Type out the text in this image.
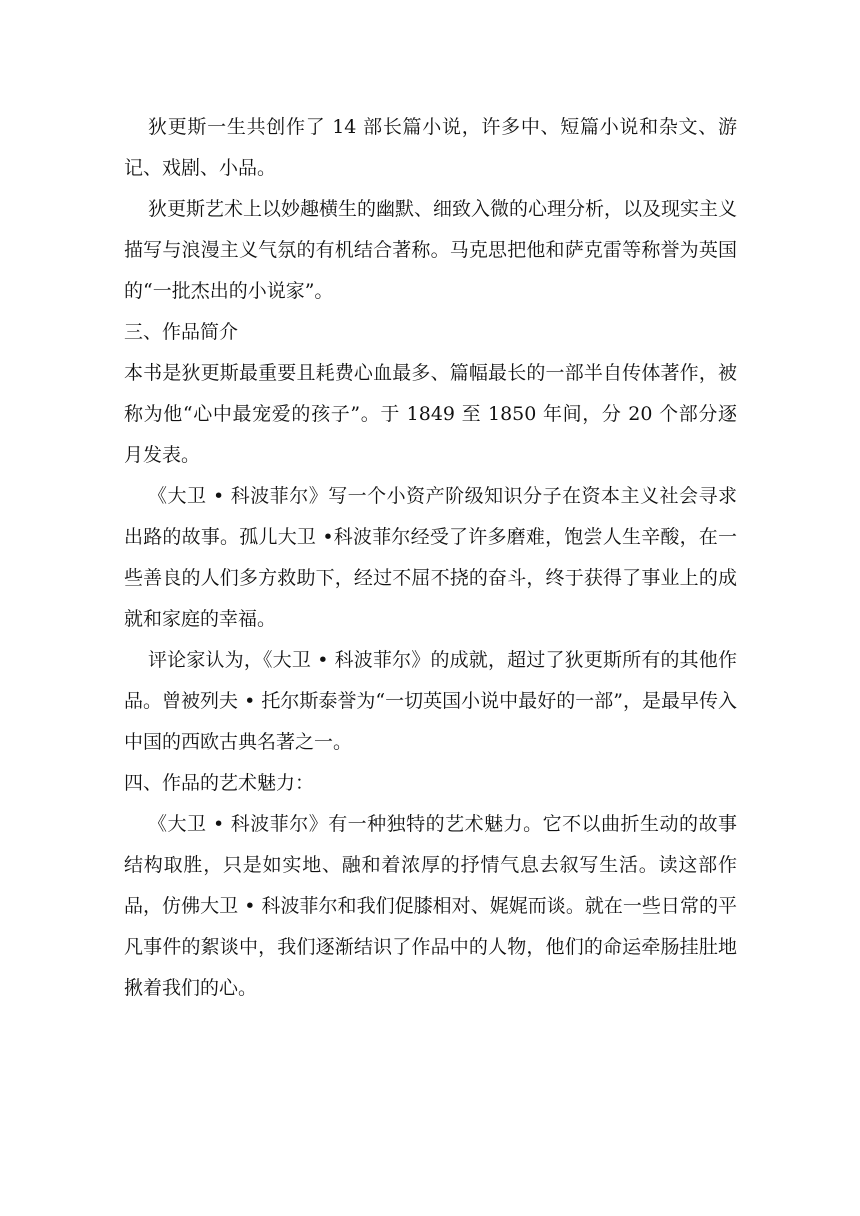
狄更斯一生共创作了 14 部长篇小说，许多中、短篇小说和杂文、游记、戏剧、小品。

狄更斯艺术上以妙趣横生的幽默、细致入微的心理分析，以及现实主义描写与浪漫主义气氛的有机结合著称。马克思把他和萨克雷等称誉为英国的“一批杰出的小说家”。

三、作品简介

本书是狄更斯最重要且耗费心血最多、篇幅最长的一部半自传体著作，被称为他“心中最宠爱的孩子”。于 1849 至 1850 年间，分 20 个部分逐月发表。

《大卫 • 科波菲尔》写一个小资产阶级知识分子在资本主义社会寻求出路的故事。孤儿大卫 •科波菲尔经受了许多磨难，饱尝人生辛酸，在一些善良的人们多方救助下，经过不屈不挠的奋斗，终于获得了事业上的成就和家庭的幸福。

评论家认为，《大卫 • 科波菲尔》的成就，超过了狄更斯所有的其他作品。曾被列夫 • 托尔斯泰誉为“一切英国小说中最好的一部”，是最早传入中国的西欧古典名著之一。

四、作品的艺术魅力：

《大卫 • 科波菲尔》有一种独特的艺术魅力。它不以曲折生动的故事结构取胜，只是如实地、融和着浓厚的抒情气息去叙写生活。读这部作品，仿佛大卫 • 科波菲尔和我们促膝相对、娓娓而谈。就在一些日常的平凡事件的絮谈中，我们逐渐结识了作品中的人物，他们的命运牵肠挂肚地揪着我们的心。
